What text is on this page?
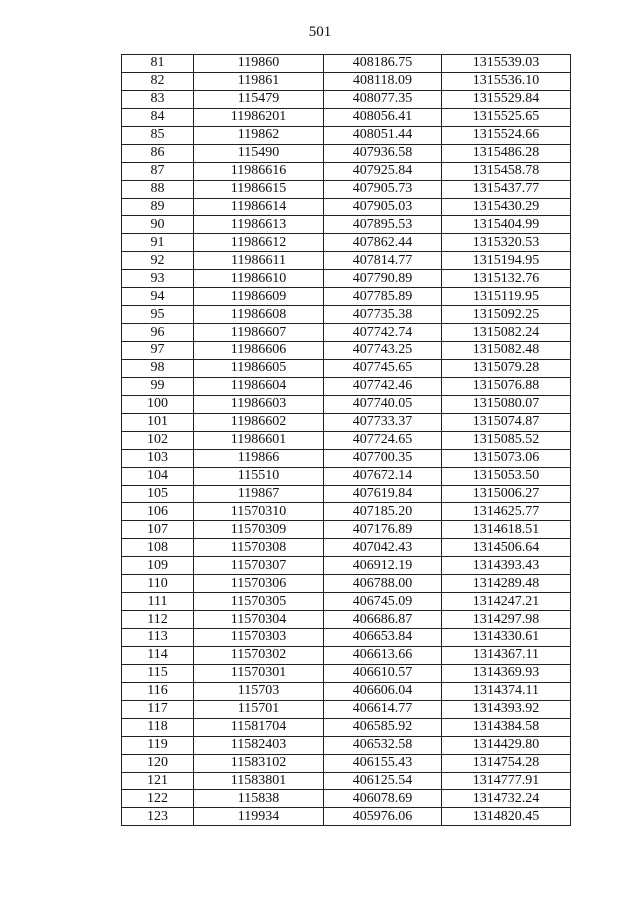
501
81	119860	408186.75	1315539.03
82	119861	408118.09	1315536.10
83	115479	408077.35	1315529.84
84	11986201	408056.41	1315525.65
85	119862	408051.44	1315524.66
86	115490	407936.58	1315486.28
87	11986616	407925.84	1315458.78
88	11986615	407905.73	1315437.77
89	11986614	407905.03	1315430.29
90	11986613	407895.53	1315404.99
91	11986612	407862.44	1315320.53
92	11986611	407814.77	1315194.95
93	11986610	407790.89	1315132.76
94	11986609	407785.89	1315119.95
95	11986608	407735.38	1315092.25
96	11986607	407742.74	1315082.24
97	11986606	407743.25	1315082.48
98	11986605	407745.65	1315079.28
99	11986604	407742.46	1315076.88
100	11986603	407740.05	1315080.07
101	11986602	407733.37	1315074.87
102	11986601	407724.65	1315085.52
103	119866	407700.35	1315073.06
104	115510	407672.14	1315053.50
105	119867	407619.84	1315006.27
106	11570310	407185.20	1314625.77
107	11570309	407176.89	1314618.51
108	11570308	407042.43	1314506.64
109	11570307	406912.19	1314393.43
110	11570306	406788.00	1314289.48
111	11570305	406745.09	1314247.21
112	11570304	406686.87	1314297.98
113	11570303	406653.84	1314330.61
114	11570302	406613.66	1314367.11
115	11570301	406610.57	1314369.93
116	115703	406606.04	1314374.11
117	115701	406614.77	1314393.92
118	11581704	406585.92	1314384.58
119	11582403	406532.58	1314429.80
120	11583102	406155.43	1314754.28
121	11583801	406125.54	1314777.91
122	115838	406078.69	1314732.24
123	119934	405976.06	1314820.45
